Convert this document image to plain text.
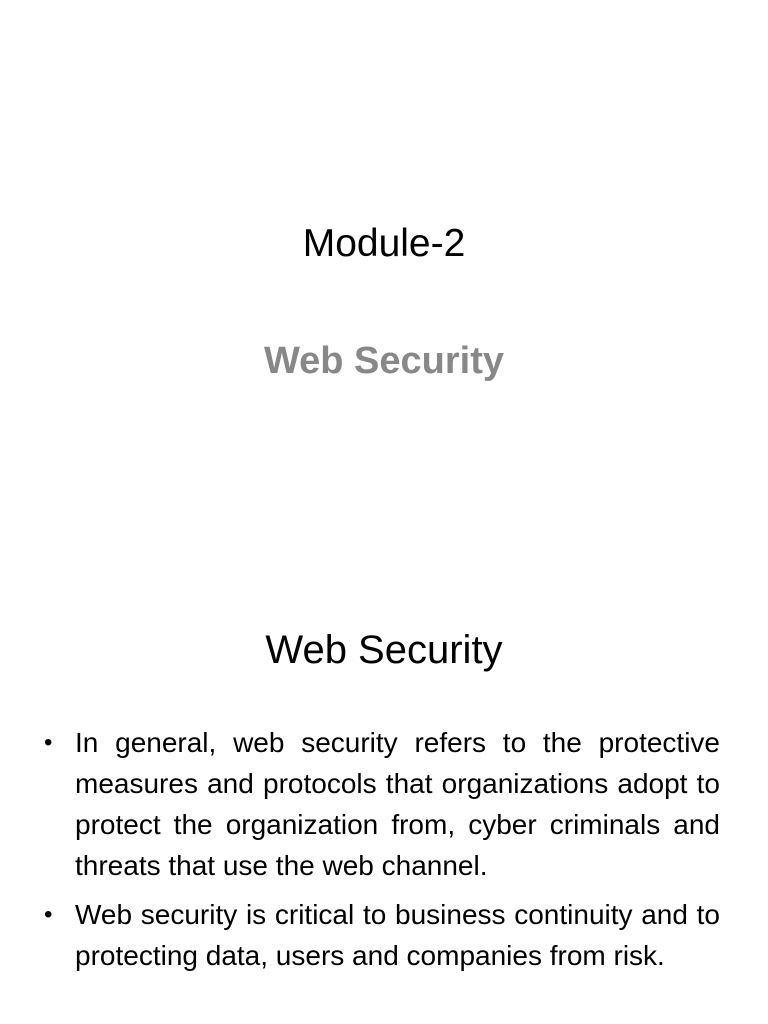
Module-2
Web Security
Web Security
• In general, web security refers to the protective measures and protocols that organizations adopt to protect the organization from, cyber criminals and threats that use the web channel.
• Web security is critical to business continuity and to protecting data, users and companies from risk.
